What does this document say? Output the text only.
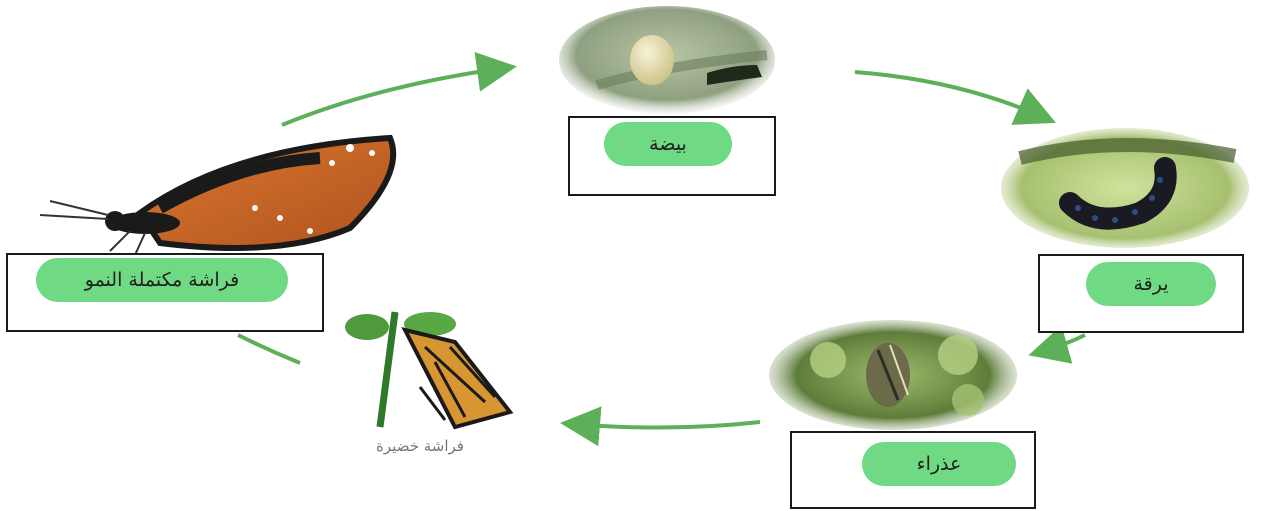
بيضة
يرقة
عذراء
فراشة خضيرة
فراشة مكتملة النمو
